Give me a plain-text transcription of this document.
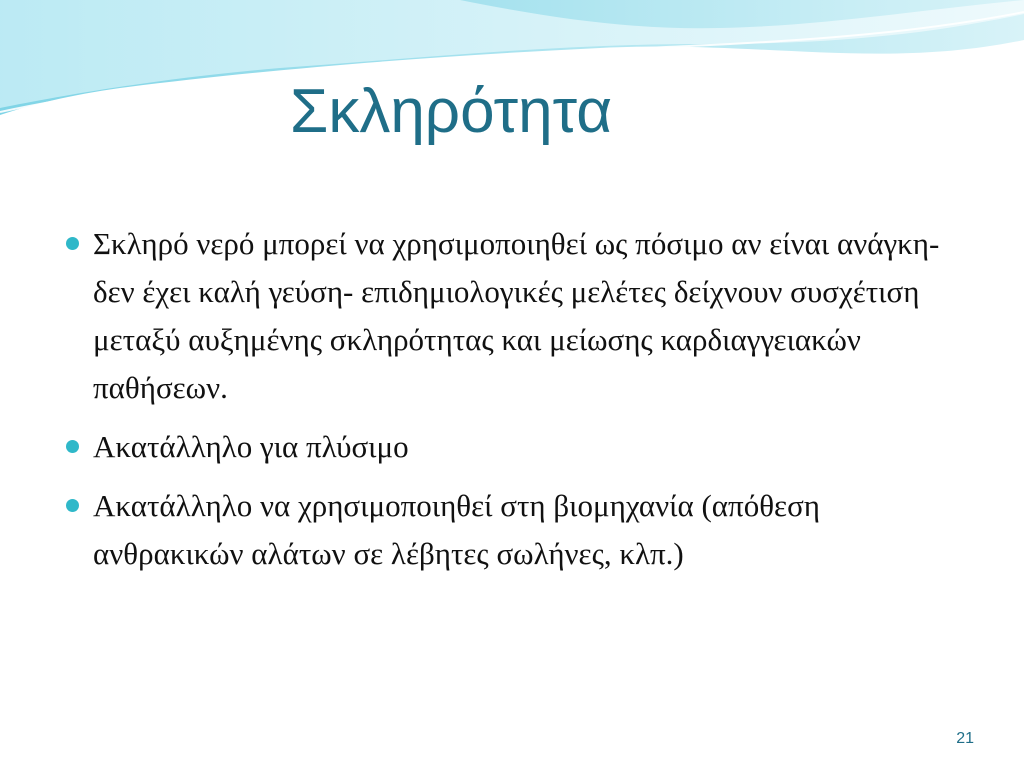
Σκληρότητα
Σκληρό νερό μπορεί να χρησιμοποιηθεί ως πόσιμο αν είναι ανάγκη-δεν έχει καλή γεύση- επιδημιολογικές μελέτες δείχνουν συσχέτιση μεταξύ αυξημένης σκληρότητας και μείωσης καρδιαγγειακών παθήσεων.
Ακατάλληλο για πλύσιμο
Ακατάλληλο να χρησιμοποιηθεί στη βιομηχανία (απόθεση ανθρακικών αλάτων σε λέβητες σωλήνες, κλπ.)
21
